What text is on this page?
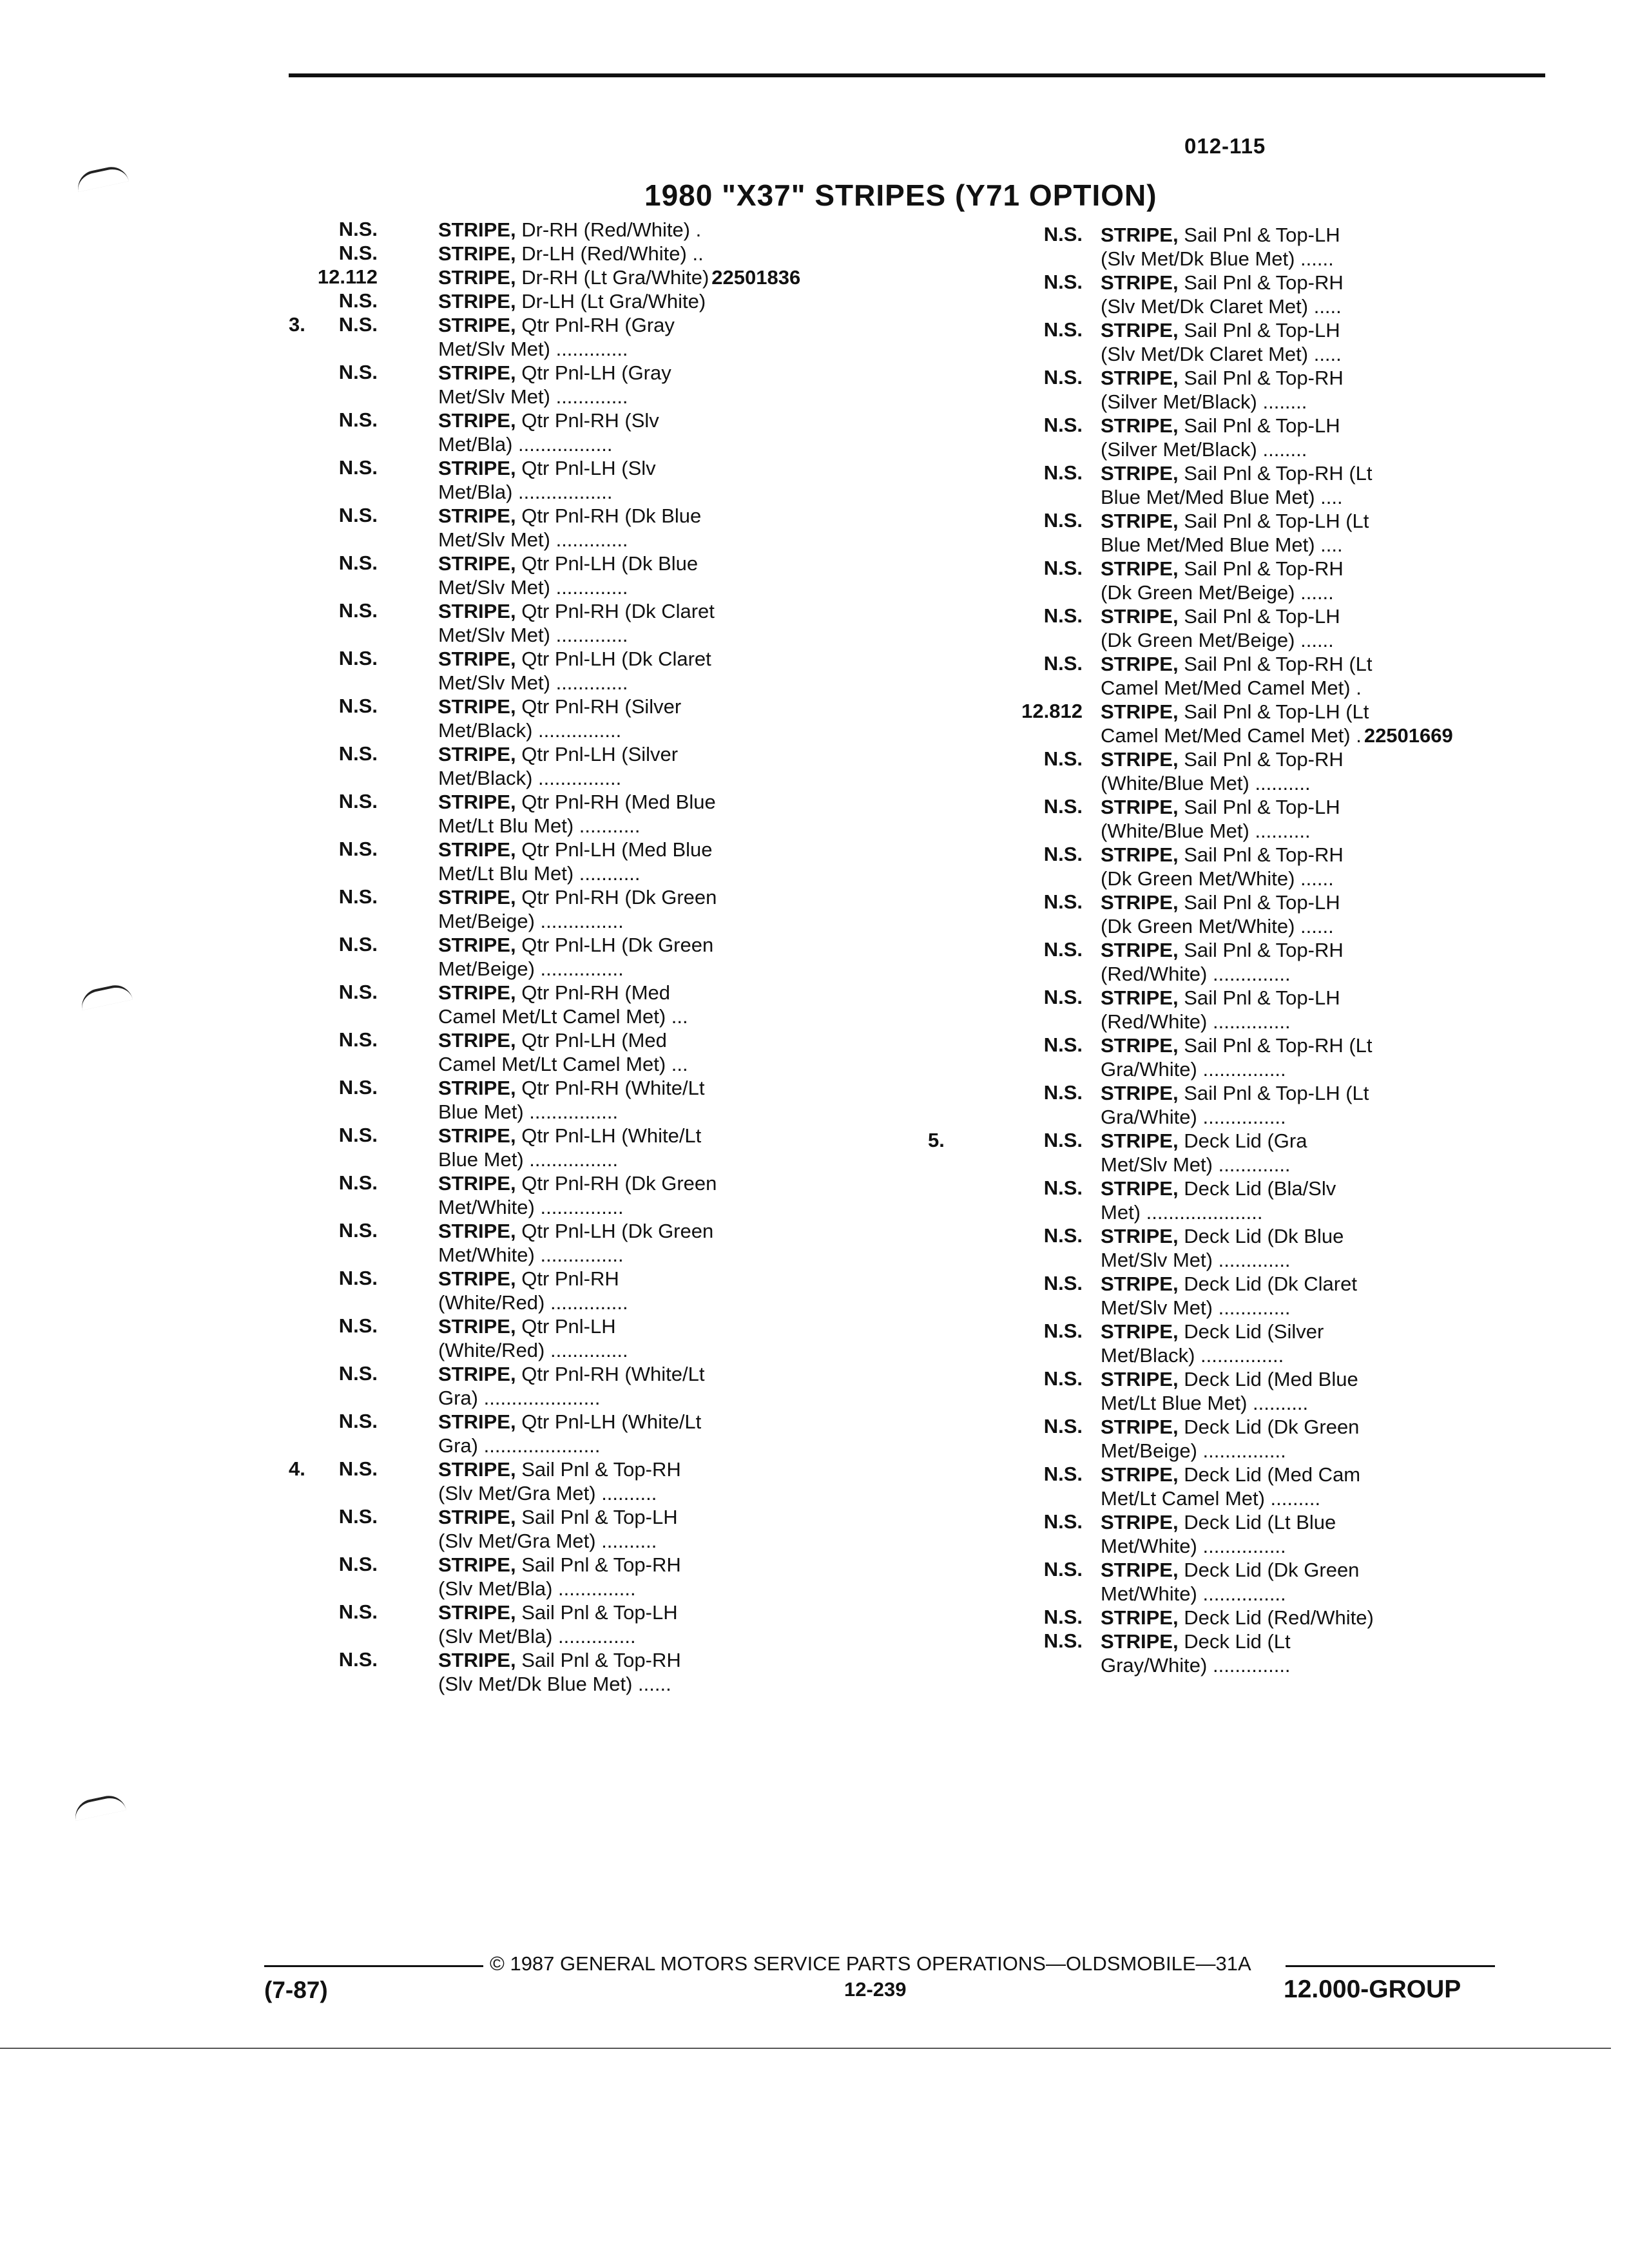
012-115
1980 "X37" STRIPES (Y71 OPTION)
N.S.	STRIPE, Dr-RH (Red/White) .
N.S.	STRIPE, Dr-LH (Red/White) ..
12.112	STRIPE, Dr-RH (Lt Gra/White) 22501836
N.S.	STRIPE, Dr-LH (Lt Gra/White)
3.	N.S.	STRIPE, Qtr Pnl-RH (Gray
Met/Slv Met) .............
N.S.	STRIPE, Qtr Pnl-LH (Gray
Met/Slv Met) .............
N.S.	STRIPE, Qtr Pnl-RH (Slv
Met/Bla) .................
N.S.	STRIPE, Qtr Pnl-LH (Slv
Met/Bla) .................
N.S.	STRIPE, Qtr Pnl-RH (Dk Blue
Met/Slv Met) .............
N.S.	STRIPE, Qtr Pnl-LH (Dk Blue
Met/Slv Met) .............
N.S.	STRIPE, Qtr Pnl-RH (Dk Claret
Met/Slv Met) .............
N.S.	STRIPE, Qtr Pnl-LH (Dk Claret
Met/Slv Met) .............
N.S.	STRIPE, Qtr Pnl-RH (Silver
Met/Black) ...............
N.S.	STRIPE, Qtr Pnl-LH (Silver
Met/Black) ...............
N.S.	STRIPE, Qtr Pnl-RH (Med Blue
Met/Lt Blu Met) ...........
N.S.	STRIPE, Qtr Pnl-LH (Med Blue
Met/Lt Blu Met) ...........
N.S.	STRIPE, Qtr Pnl-RH (Dk Green
Met/Beige) ...............
N.S.	STRIPE, Qtr Pnl-LH (Dk Green
Met/Beige) ...............
N.S.	STRIPE, Qtr Pnl-RH (Med
Camel Met/Lt Camel Met) ...
N.S.	STRIPE, Qtr Pnl-LH (Med
Camel Met/Lt Camel Met) ...
N.S.	STRIPE, Qtr Pnl-RH (White/Lt
Blue Met) ................
N.S.	STRIPE, Qtr Pnl-LH (White/Lt
Blue Met) ................
N.S.	STRIPE, Qtr Pnl-RH (Dk Green
Met/White) ...............
N.S.	STRIPE, Qtr Pnl-LH (Dk Green
Met/White) ...............
N.S.	STRIPE, Qtr Pnl-RH
(White/Red) ..............
N.S.	STRIPE, Qtr Pnl-LH
(White/Red) ..............
N.S.	STRIPE, Qtr Pnl-RH (White/Lt
Gra) .....................
N.S.	STRIPE, Qtr Pnl-LH (White/Lt
Gra) .....................
4.	N.S.	STRIPE, Sail Pnl & Top-RH
(Slv Met/Gra Met) ..........
N.S.	STRIPE, Sail Pnl & Top-LH
(Slv Met/Gra Met) ..........
N.S.	STRIPE, Sail Pnl & Top-RH
(Slv Met/Bla) ..............
N.S.	STRIPE, Sail Pnl & Top-LH
(Slv Met/Bla) ..............
N.S.	STRIPE, Sail Pnl & Top-RH
(Slv Met/Dk Blue Met) ......
N.S. STRIPE, Sail Pnl & Top-LH
(Slv Met/Dk Blue Met) ......
N.S. STRIPE, Sail Pnl & Top-RH
(Slv Met/Dk Claret Met) .....
N.S. STRIPE, Sail Pnl & Top-LH
(Slv Met/Dk Claret Met) .....
N.S. STRIPE, Sail Pnl & Top-RH
(Silver Met/Black) ........
N.S. STRIPE, Sail Pnl & Top-LH
(Silver Met/Black) ........
N.S. STRIPE, Sail Pnl & Top-RH (Lt
Blue Met/Med Blue Met) ....
N.S. STRIPE, Sail Pnl & Top-LH (Lt
Blue Met/Med Blue Met) ....
N.S. STRIPE, Sail Pnl & Top-RH
(Dk Green Met/Beige) ......
N.S. STRIPE, Sail Pnl & Top-LH
(Dk Green Met/Beige) ......
N.S. STRIPE, Sail Pnl & Top-RH (Lt
Camel Met/Med Camel Met) .
12.812 STRIPE, Sail Pnl & Top-LH (Lt
Camel Met/Med Camel Met) . 22501669
N.S. STRIPE, Sail Pnl & Top-RH
(White/Blue Met) ..........
N.S. STRIPE, Sail Pnl & Top-LH
(White/Blue Met) ..........
N.S. STRIPE, Sail Pnl & Top-RH
(Dk Green Met/White) ......
N.S. STRIPE, Sail Pnl & Top-LH
(Dk Green Met/White) ......
N.S. STRIPE, Sail Pnl & Top-RH
(Red/White) ..............
N.S. STRIPE, Sail Pnl & Top-LH
(Red/White) ..............
N.S. STRIPE, Sail Pnl & Top-RH (Lt
Gra/White) ...............
N.S. STRIPE, Sail Pnl & Top-LH (Lt
Gra/White) ...............
5.	N.S. STRIPE, Deck Lid (Gra
Met/Slv Met) .............
N.S. STRIPE, Deck Lid (Bla/Slv
Met) .....................
N.S. STRIPE, Deck Lid (Dk Blue
Met/Slv Met) .............
N.S. STRIPE, Deck Lid (Dk Claret
Met/Slv Met) .............
N.S. STRIPE, Deck Lid (Silver
Met/Black) ...............
N.S. STRIPE, Deck Lid (Med Blue
Met/Lt Blue Met) ..........
N.S. STRIPE, Deck Lid (Dk Green
Met/Beige) ...............
N.S. STRIPE, Deck Lid (Med Cam
Met/Lt Camel Met) .........
N.S. STRIPE, Deck Lid (Lt Blue
Met/White) ...............
N.S. STRIPE, Deck Lid (Dk Green
Met/White) ...............
N.S. STRIPE, Deck Lid (Red/White)
N.S. STRIPE, Deck Lid (Lt
Gray/White) ..............
© 1987 GENERAL MOTORS SERVICE PARTS OPERATIONS—OLDSMOBILE—31A
(7-87)	12-239	12.000-GROUP
